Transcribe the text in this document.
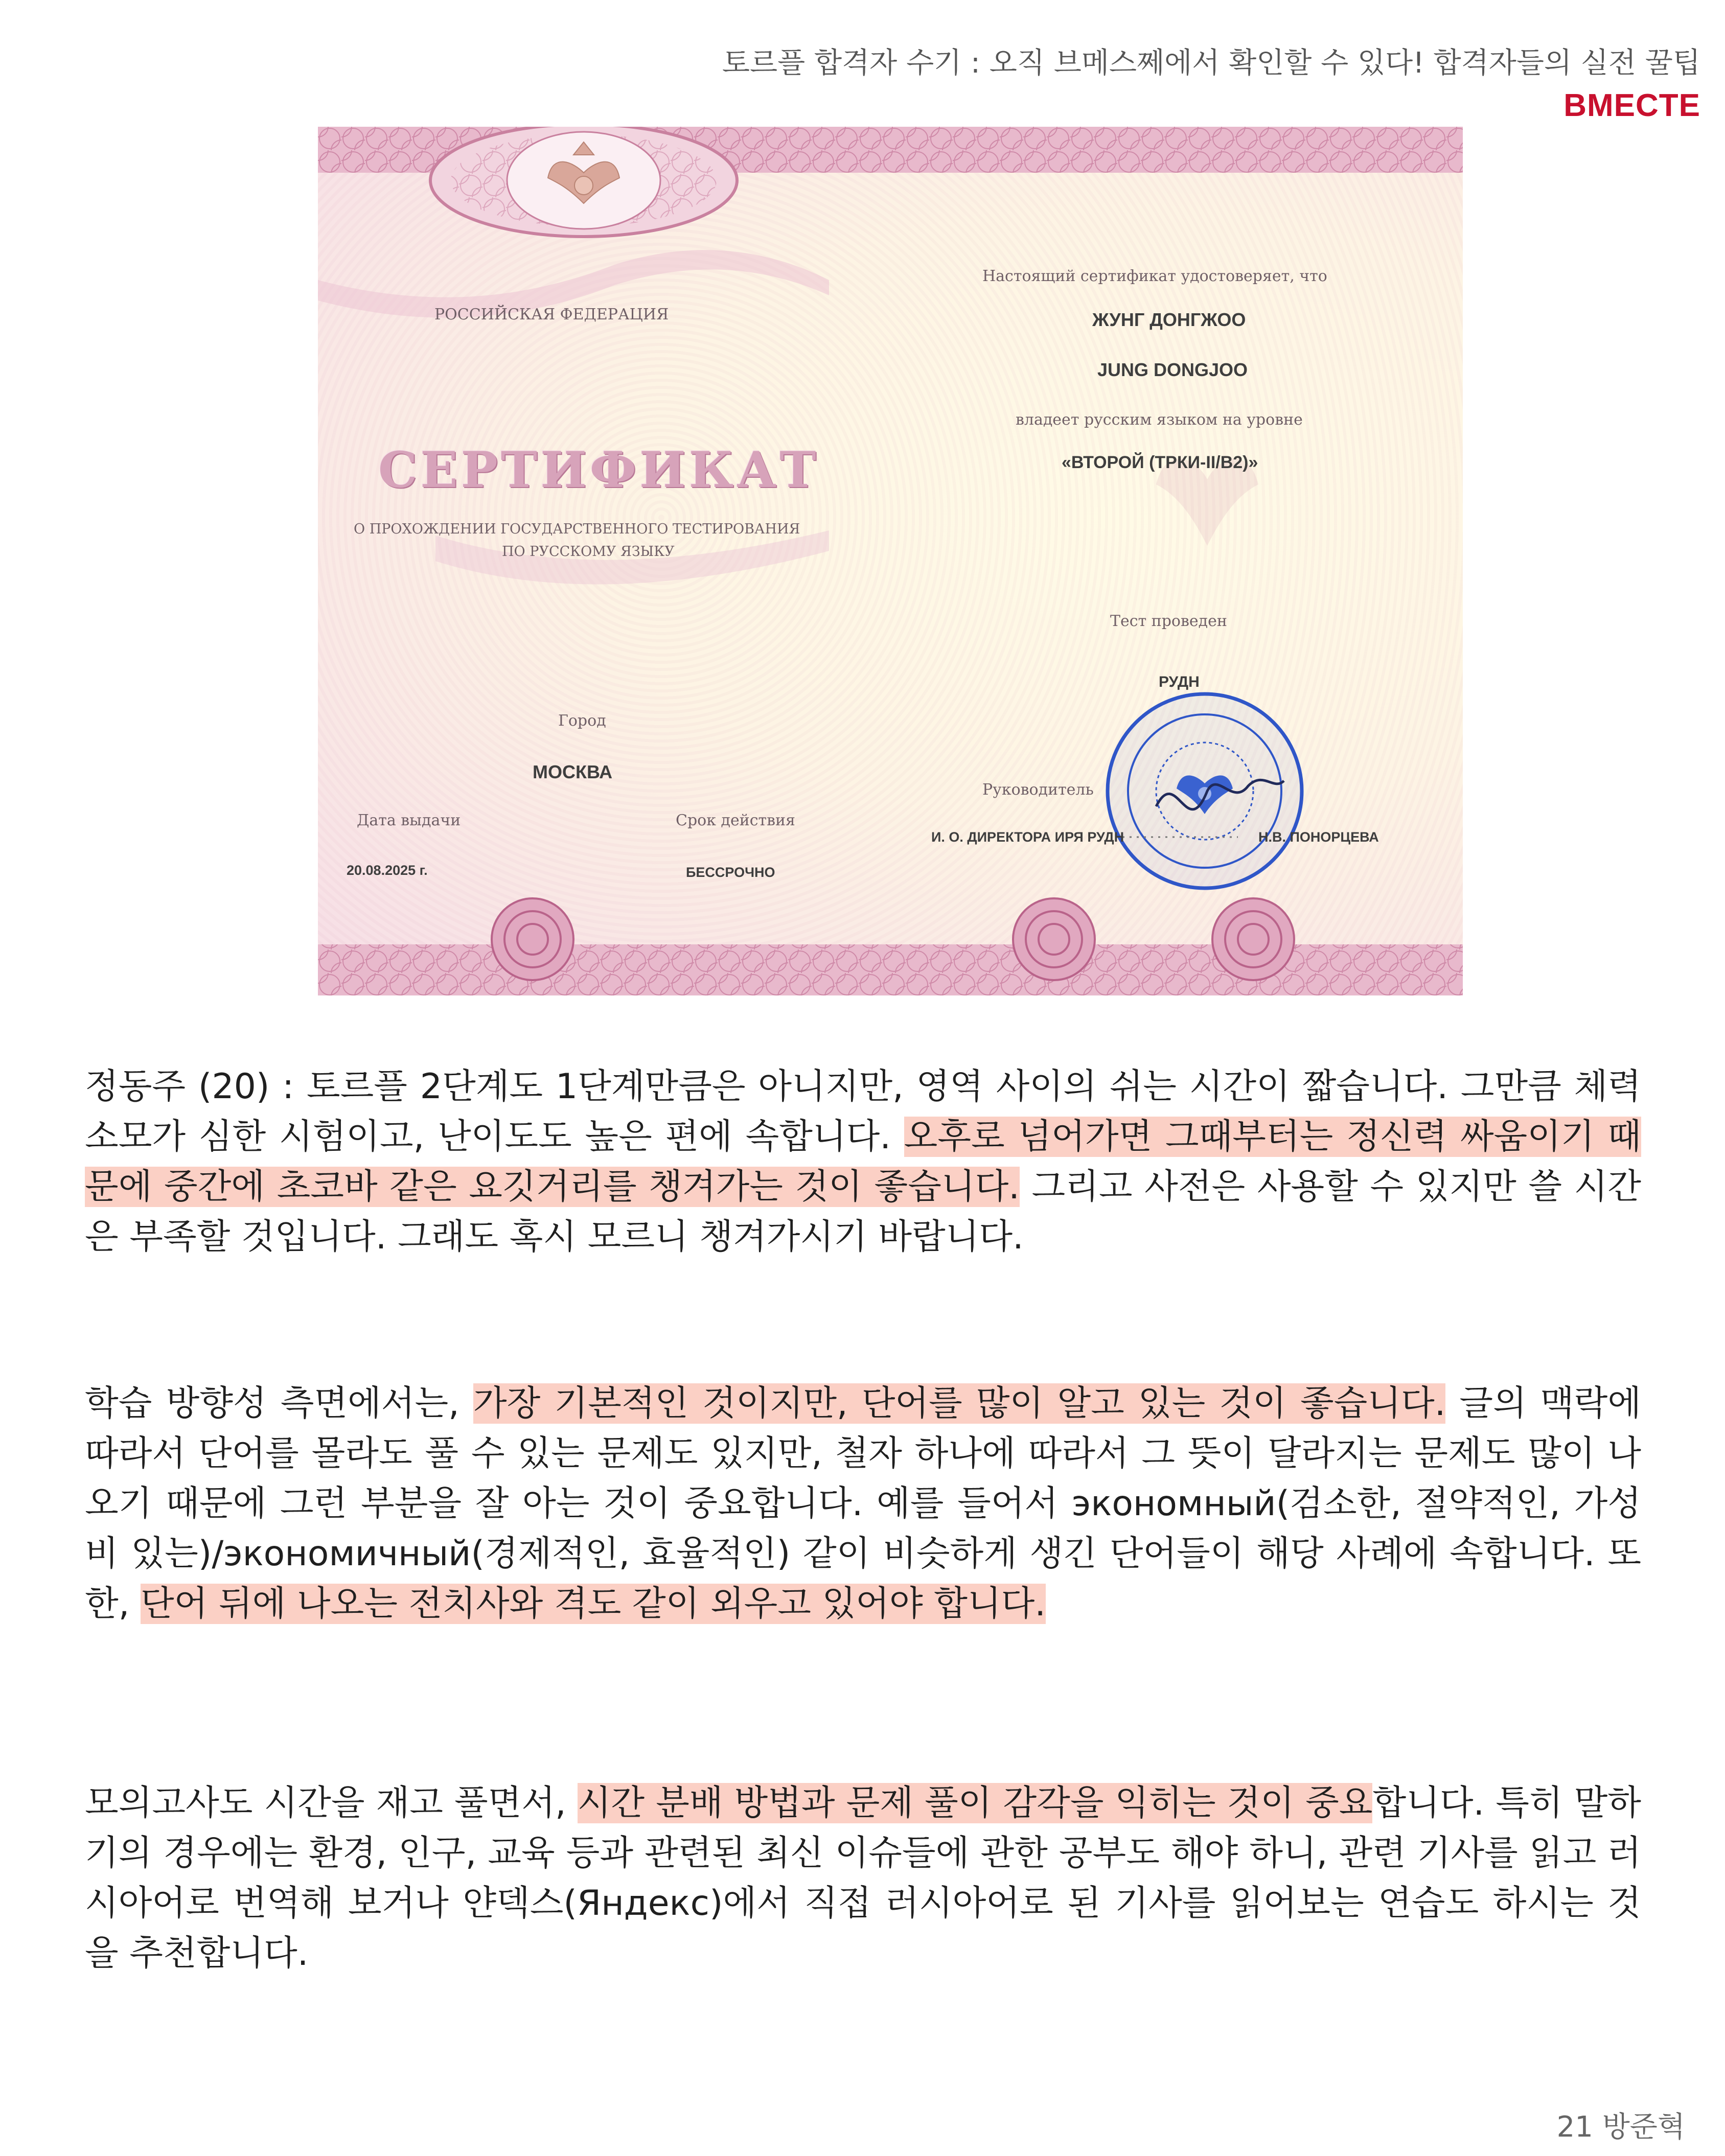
토르플 합격자 수기 : 오직 브메스쩨에서 확인할 수 있다! 합격자들의 실전 꿀팁
BMECTE
РОССИЙСКАЯ ФЕДЕРАЦИЯ
СЕРТИФИКАТ
О ПРОХОЖДЕНИИ ГОСУДАРСТВЕННОГО ТЕСТИРОВАНИЯ
ПО РУССКОМУ ЯЗЫКУ
Город
МОСКВА
Дата выдачи
20.08.2025 г.
Срок действия
БЕССРОЧНО
Настоящий сертификат удостоверяет, что
ЖУНГ ДОНГЖОО
JUNG DONGJOO
владеет русским языком на уровне
«ВТОРОЙ (ТРКИ-II/B2)»
Тест проведен
РУДН
Руководитель
И. О. ДИРЕКТОРА ИРЯ РУДН	Н.В. ПОНОРЦЕВА

정동주 (20) : 토르플 2단계도 1단계만큼은 아니지만, 영역 사이의 쉬는 시간이 짧습니다. 그만큼 체력 소모가 심한 시험이고, 난이도도 높은 편에 속합니다. 오후로 넘어가면 그때부터는 정신력 싸움이기 때문에 중간에 초코바 같은 요깃거리를 챙겨가는 것이 좋습니다. 그리고 사전은 사용할 수 있지만 쓸 시간은 부족할 것입니다. 그래도 혹시 모르니 챙겨가시기 바랍니다.

학습 방향성 측면에서는, 가장 기본적인 것이지만, 단어를 많이 알고 있는 것이 좋습니다. 글의 맥락에 따라서 단어를 몰라도 풀 수 있는 문제도 있지만, 철자 하나에 따라서 그 뜻이 달라지는 문제도 많이 나오기 때문에 그런 부분을 잘 아는 것이 중요합니다. 예를 들어서 экономный(검소한, 절약적인, 가성비 있는)/экономичный(경제적인, 효율적인) 같이 비슷하게 생긴 단어들이 해당 사례에 속합니다. 또한, 단어 뒤에 나오는 전치사와 격도 같이 외우고 있어야 합니다.

모의고사도 시간을 재고 풀면서, 시간 분배 방법과 문제 풀이 감각을 익히는 것이 중요합니다. 특히 말하기의 경우에는 환경, 인구, 교육 등과 관련된 최신 이슈들에 관한 공부도 해야 하니, 관련 기사를 읽고 러시아어로 번역해 보거나 얀덱스(Яндекс)에서 직접 러시아어로 된 기사를 읽어보는 연습도 하시는 것을 추천합니다.

21 방준혁
